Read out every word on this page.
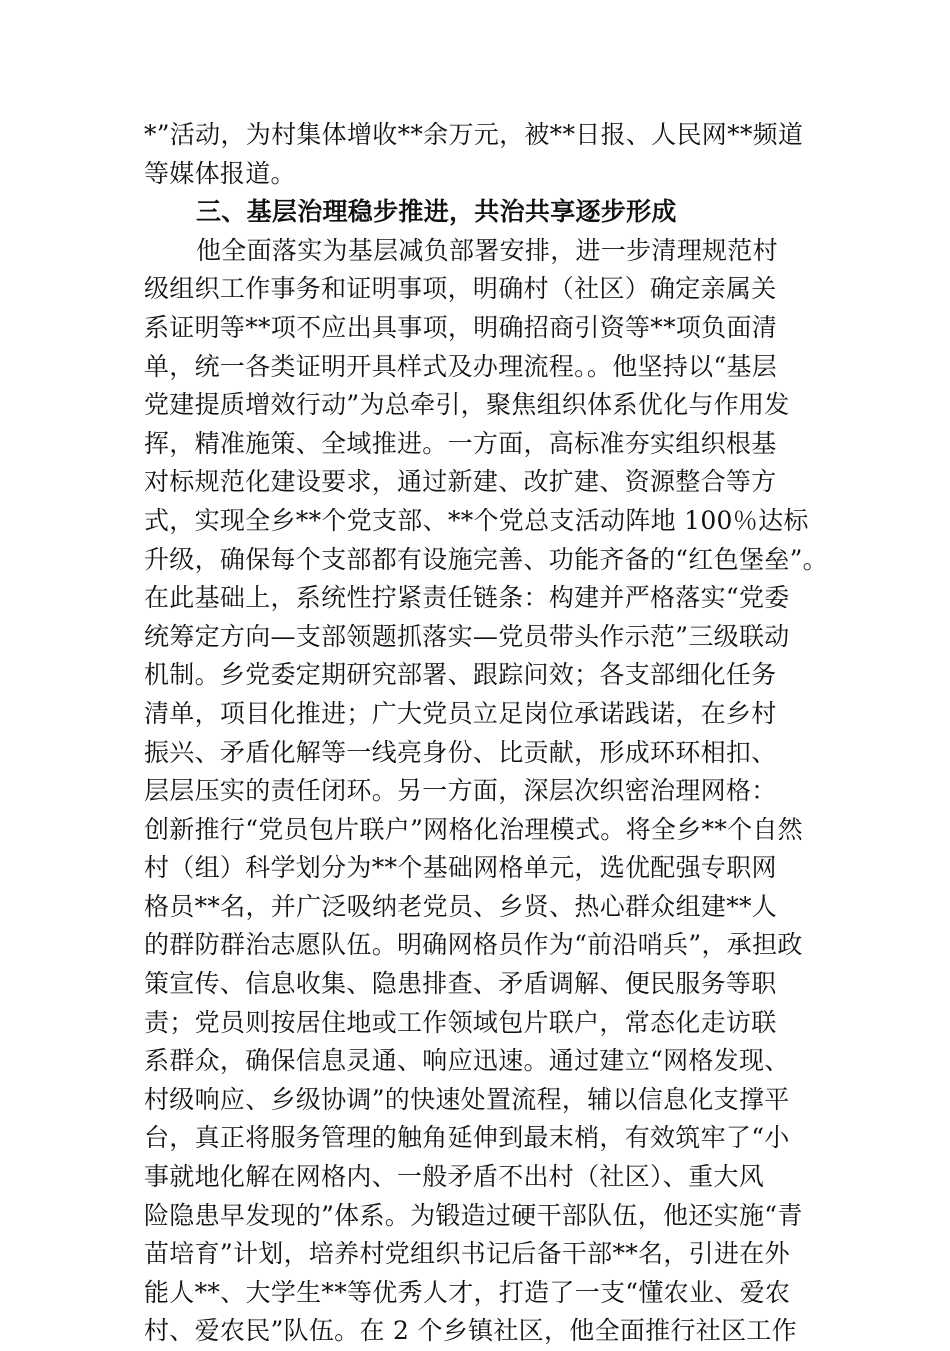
*”活动，为村集体增收**余万元，被**日报、人民网**频道
等媒体报道。
三、基层治理稳步推进，共治共享逐步形成
他全面落实为基层减负部署安排，进一步清理规范村
级组织工作事务和证明事项，明确村（社区）确定亲属关
系证明等**项不应出具事项，明确招商引资等**项负面清
单，统一各类证明开具样式及办理流程。。他坚持以“基层
党建提质增效行动”为总牵引，聚焦组织体系优化与作用发
挥，精准施策、全域推进。一方面，高标准夯实组织根基
对标规范化建设要求，通过新建、改扩建、资源整合等方
式，实现全乡**个党支部、**个党总支活动阵地 100％达标
升级，确保每个支部都有设施完善、功能齐备的“红色堡垒”。
在此基础上，系统性拧紧责任链条：构建并严格落实“党委
统筹定方向—支部领题抓落实—党员带头作示范”三级联动
机制。乡党委定期研究部署、跟踪问效；各支部细化任务
清单，项目化推进；广大党员立足岗位承诺践诺，在乡村
振兴、矛盾化解等一线亮身份、比贡献，形成环环相扣、
层层压实的责任闭环。另一方面，深层次织密治理网格：
创新推行“党员包片联户”网格化治理模式。将全乡**个自然
村（组）科学划分为**个基础网格单元，选优配强专职网
格员**名，并广泛吸纳老党员、乡贤、热心群众组建**人
的群防群治志愿队伍。明确网格员作为“前沿哨兵”，承担政
策宣传、信息收集、隐患排查、矛盾调解、便民服务等职
责；党员则按居住地或工作领域包片联户，常态化走访联
系群众，确保信息灵通、响应迅速。通过建立“网格发现、
村级响应、乡级协调”的快速处置流程，辅以信息化支撑平
台，真正将服务管理的触角延伸到最末梢，有效筑牢了“小
事就地化解在网格内、一般矛盾不出村（社区）、重大风
险隐患早发现的”体系。为锻造过硬干部队伍，他还实施“青
苗培育”计划，培养村党组织书记后备干部**名，引进在外
能人**、大学生**等优秀人才，打造了一支“懂农业、爱农
村、爱农民”队伍。在 2 个乡镇社区，他全面推行社区工作
